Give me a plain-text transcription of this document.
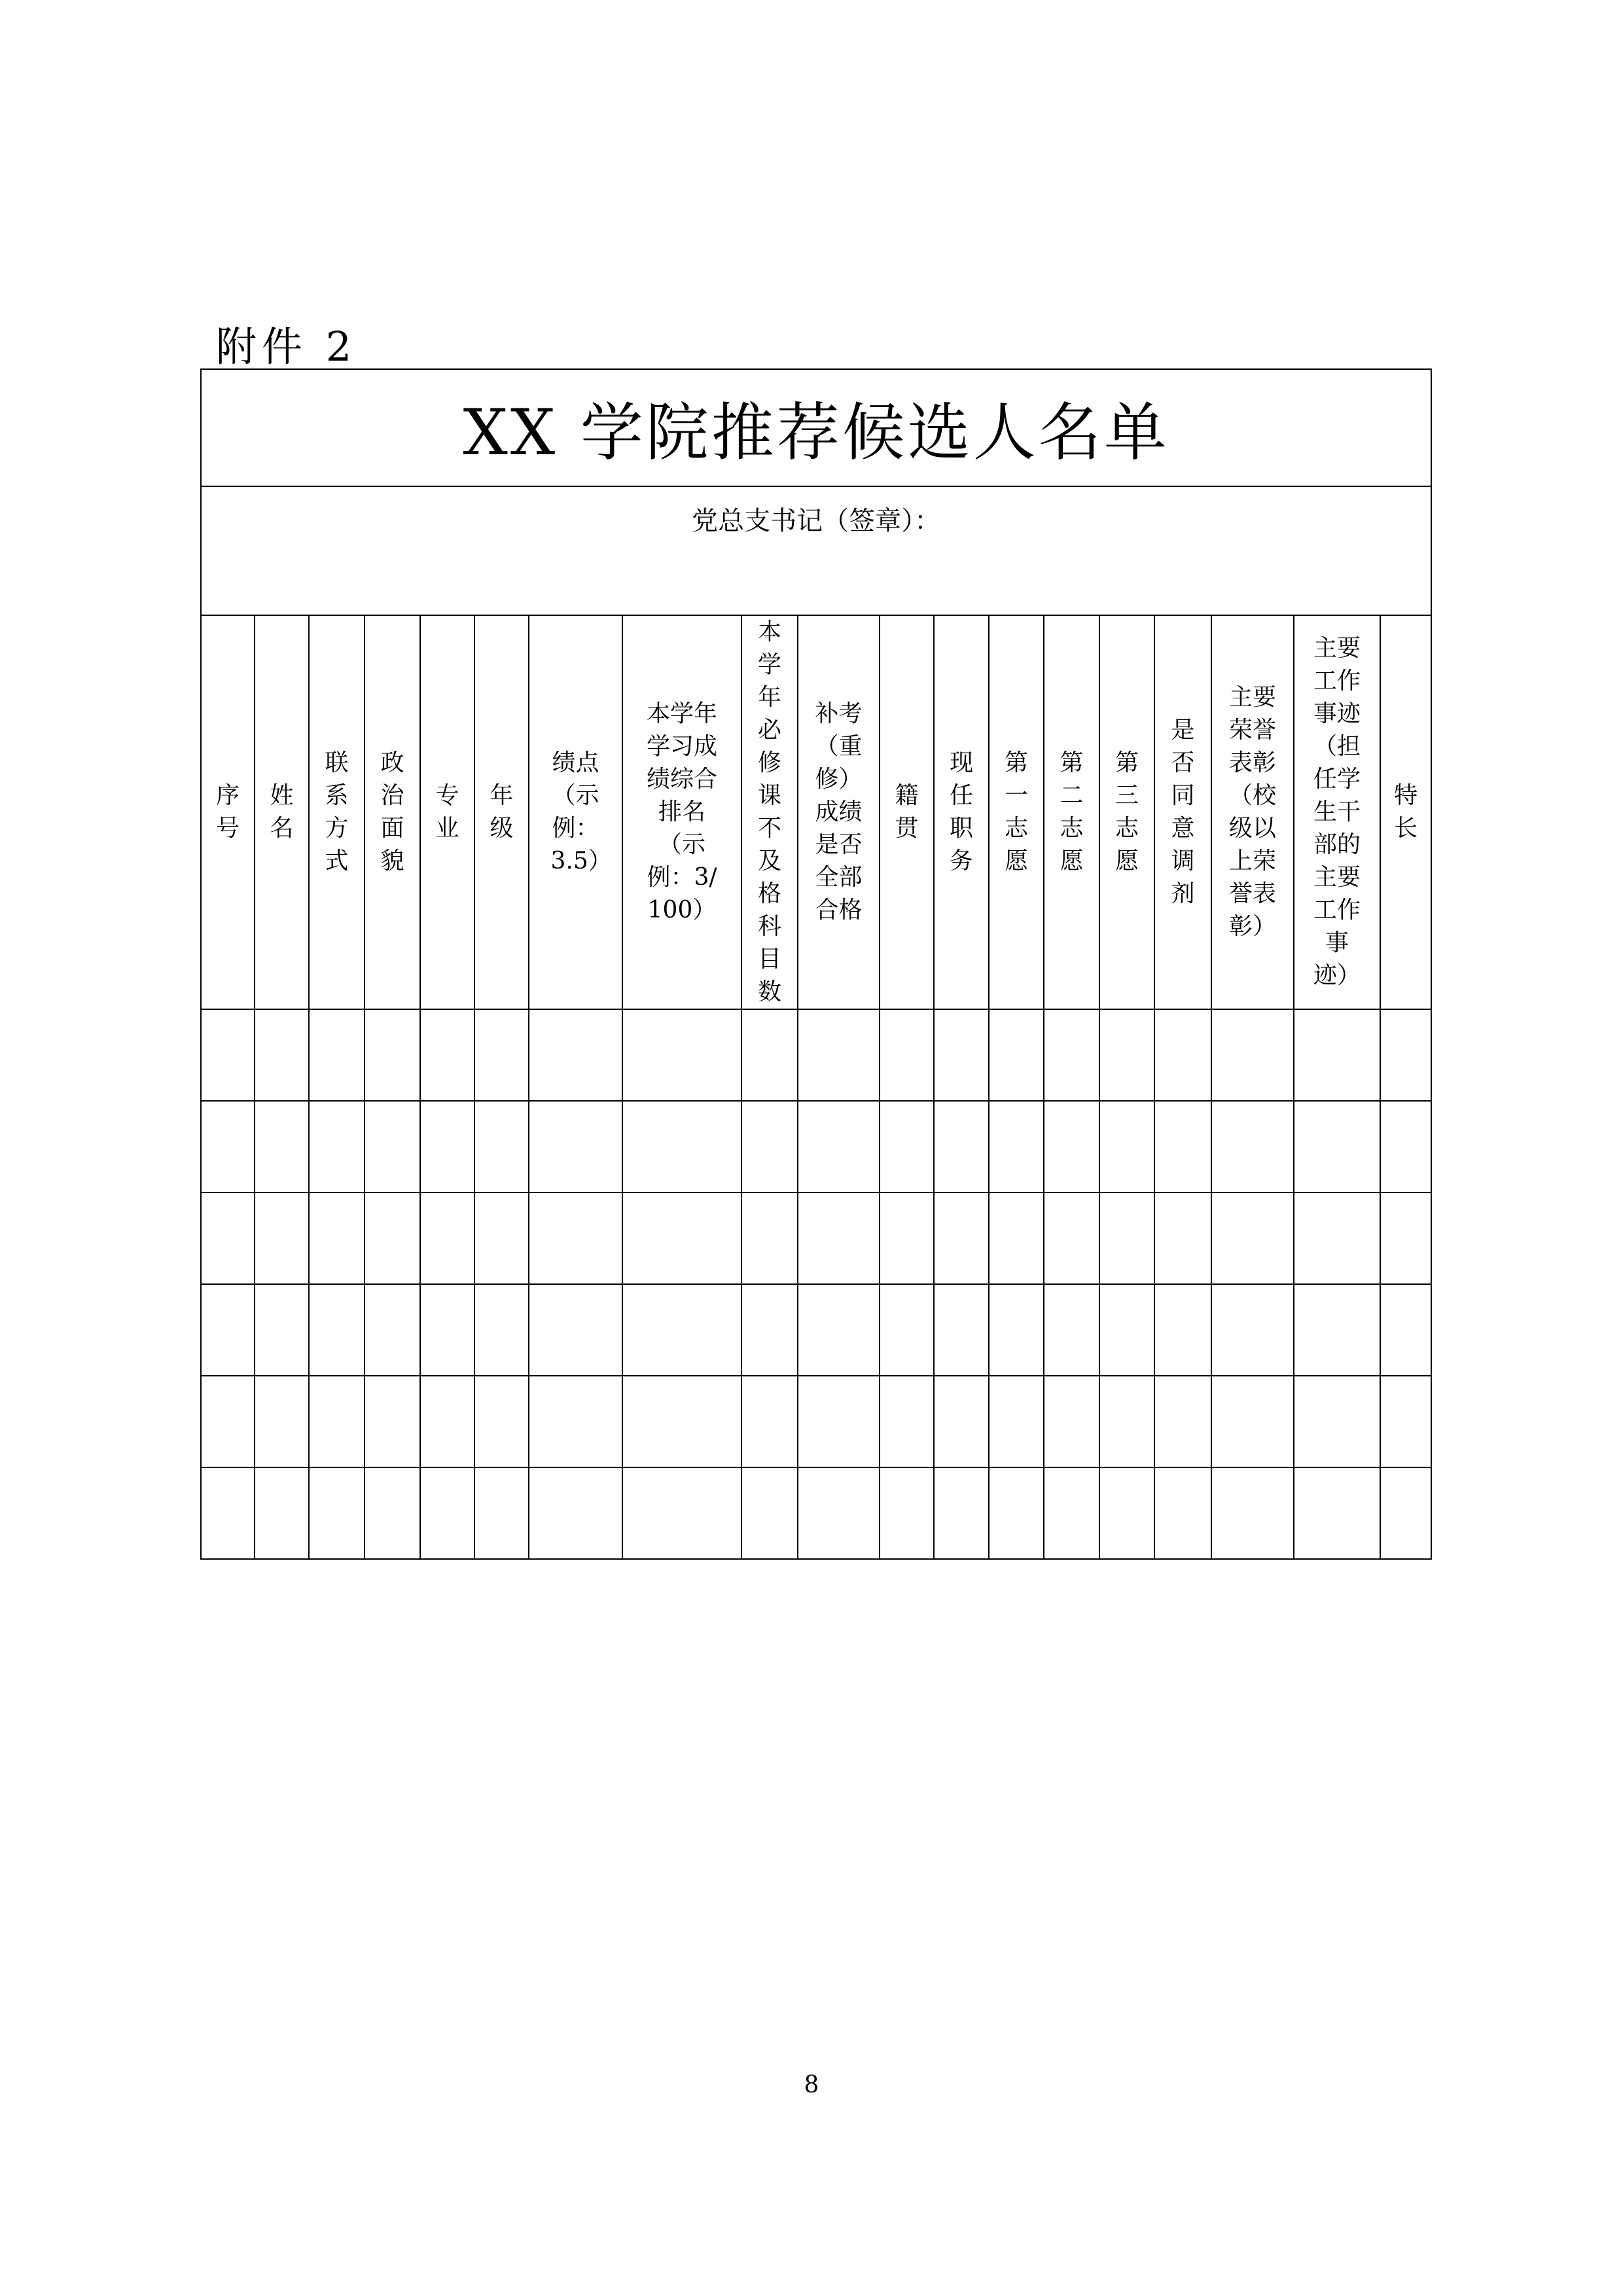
附件 2
XX 学院推荐候选人名单																		
党总支书记（签章）：																		
序号	姓名	联系方式	政治面貌	专业	年级	绩点（示例：3.5）	本学年学习成绩综合排名（示例：3/100）	本学年必修课不及格科目数	补考（重修）成绩是否全部合格	籍贯	现任职务	第一志愿	第二志愿	第三志愿	是否同意调剂	主要荣誉表彰（校级以上荣誉表彰）	主要工作事迹（担任学生干部的主要工作事迹）	特长

8
